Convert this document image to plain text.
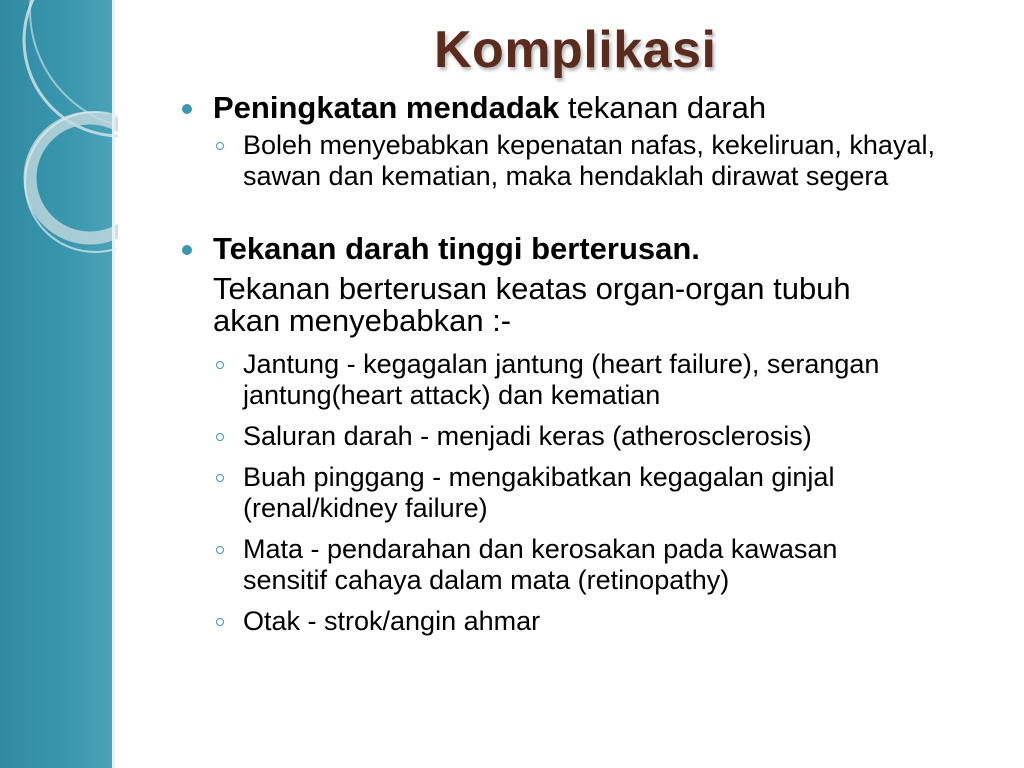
Komplikasi
Peningkatan mendadak tekanan darah
Boleh menyebabkan kepenatan nafas, kekeliruan, khayal, sawan dan kematian, maka hendaklah dirawat segera
Tekanan darah tinggi berterusan.
Tekanan berterusan keatas organ-organ tubuh akan menyebabkan :-
Jantung - kegagalan jantung (heart failure), serangan jantung(heart attack) dan kematian
Saluran darah - menjadi keras (atherosclerosis)
Buah pinggang - mengakibatkan kegagalan ginjal (renal/kidney failure)
Mata - pendarahan dan kerosakan pada kawasan sensitif cahaya dalam mata (retinopathy)
Otak - strok/angin ahmar
